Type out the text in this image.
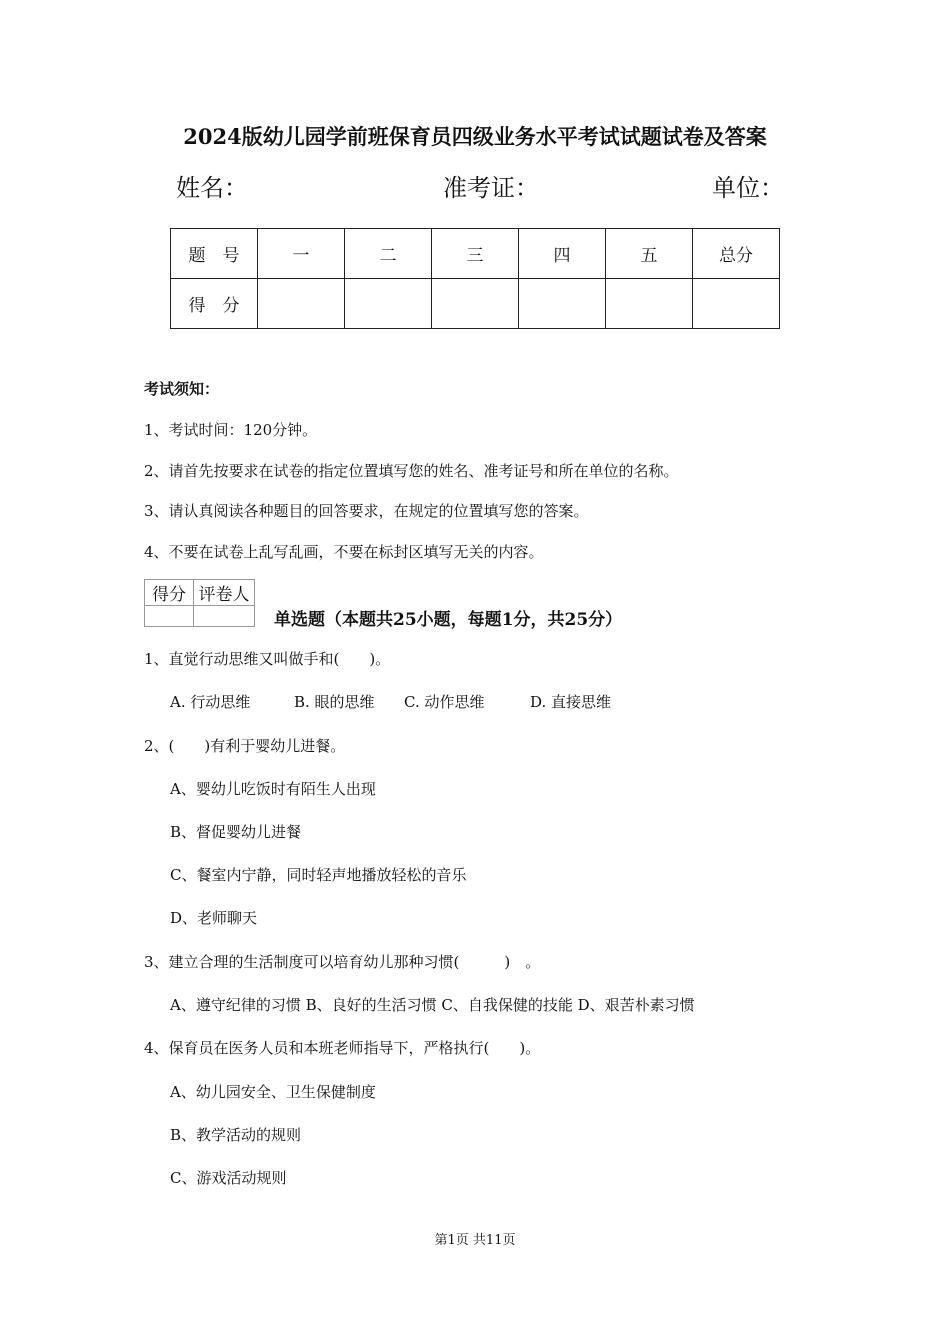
2024版幼儿园学前班保育员四级业务水平考试试题试卷及答案
姓名：	准考证：	单位：
题　号	一	二	三	四	五	总分
得　分						
考试须知：
1、考试时间：120分钟。
2、请首先按要求在试卷的指定位置填写您的姓名、准考证号和所在单位的名称。
3、请认真阅读各种题目的回答要求，在规定的位置填写您的答案。
4、不要在试卷上乱写乱画，不要在标封区填写无关的内容。
得分	评卷人

单选题（本题共25小题，每题1分，共25分）
1、直觉行动思维又叫做手和(　　)。
A. 行动思维	B. 眼的思维 C. 动作思维	D. 直接思维
2、(　　)有利于婴幼儿进餐。
A、婴幼儿吃饭时有陌生人出现
B、督促婴幼儿进餐
C、餐室内宁静，同时轻声地播放轻松的音乐
D、老师聊天
3、建立合理的生活制度可以培育幼儿那种习惯(　　　)　。
A、遵守纪律的习惯 B、良好的生活习惯 C、自我保健的技能 D、艰苦朴素习惯
4、保育员在医务人员和本班老师指导下，严格执行(　　)。
A、幼儿园安全、卫生保健制度
B、教学活动的规则
C、游戏活动规则
第1页 共11页
